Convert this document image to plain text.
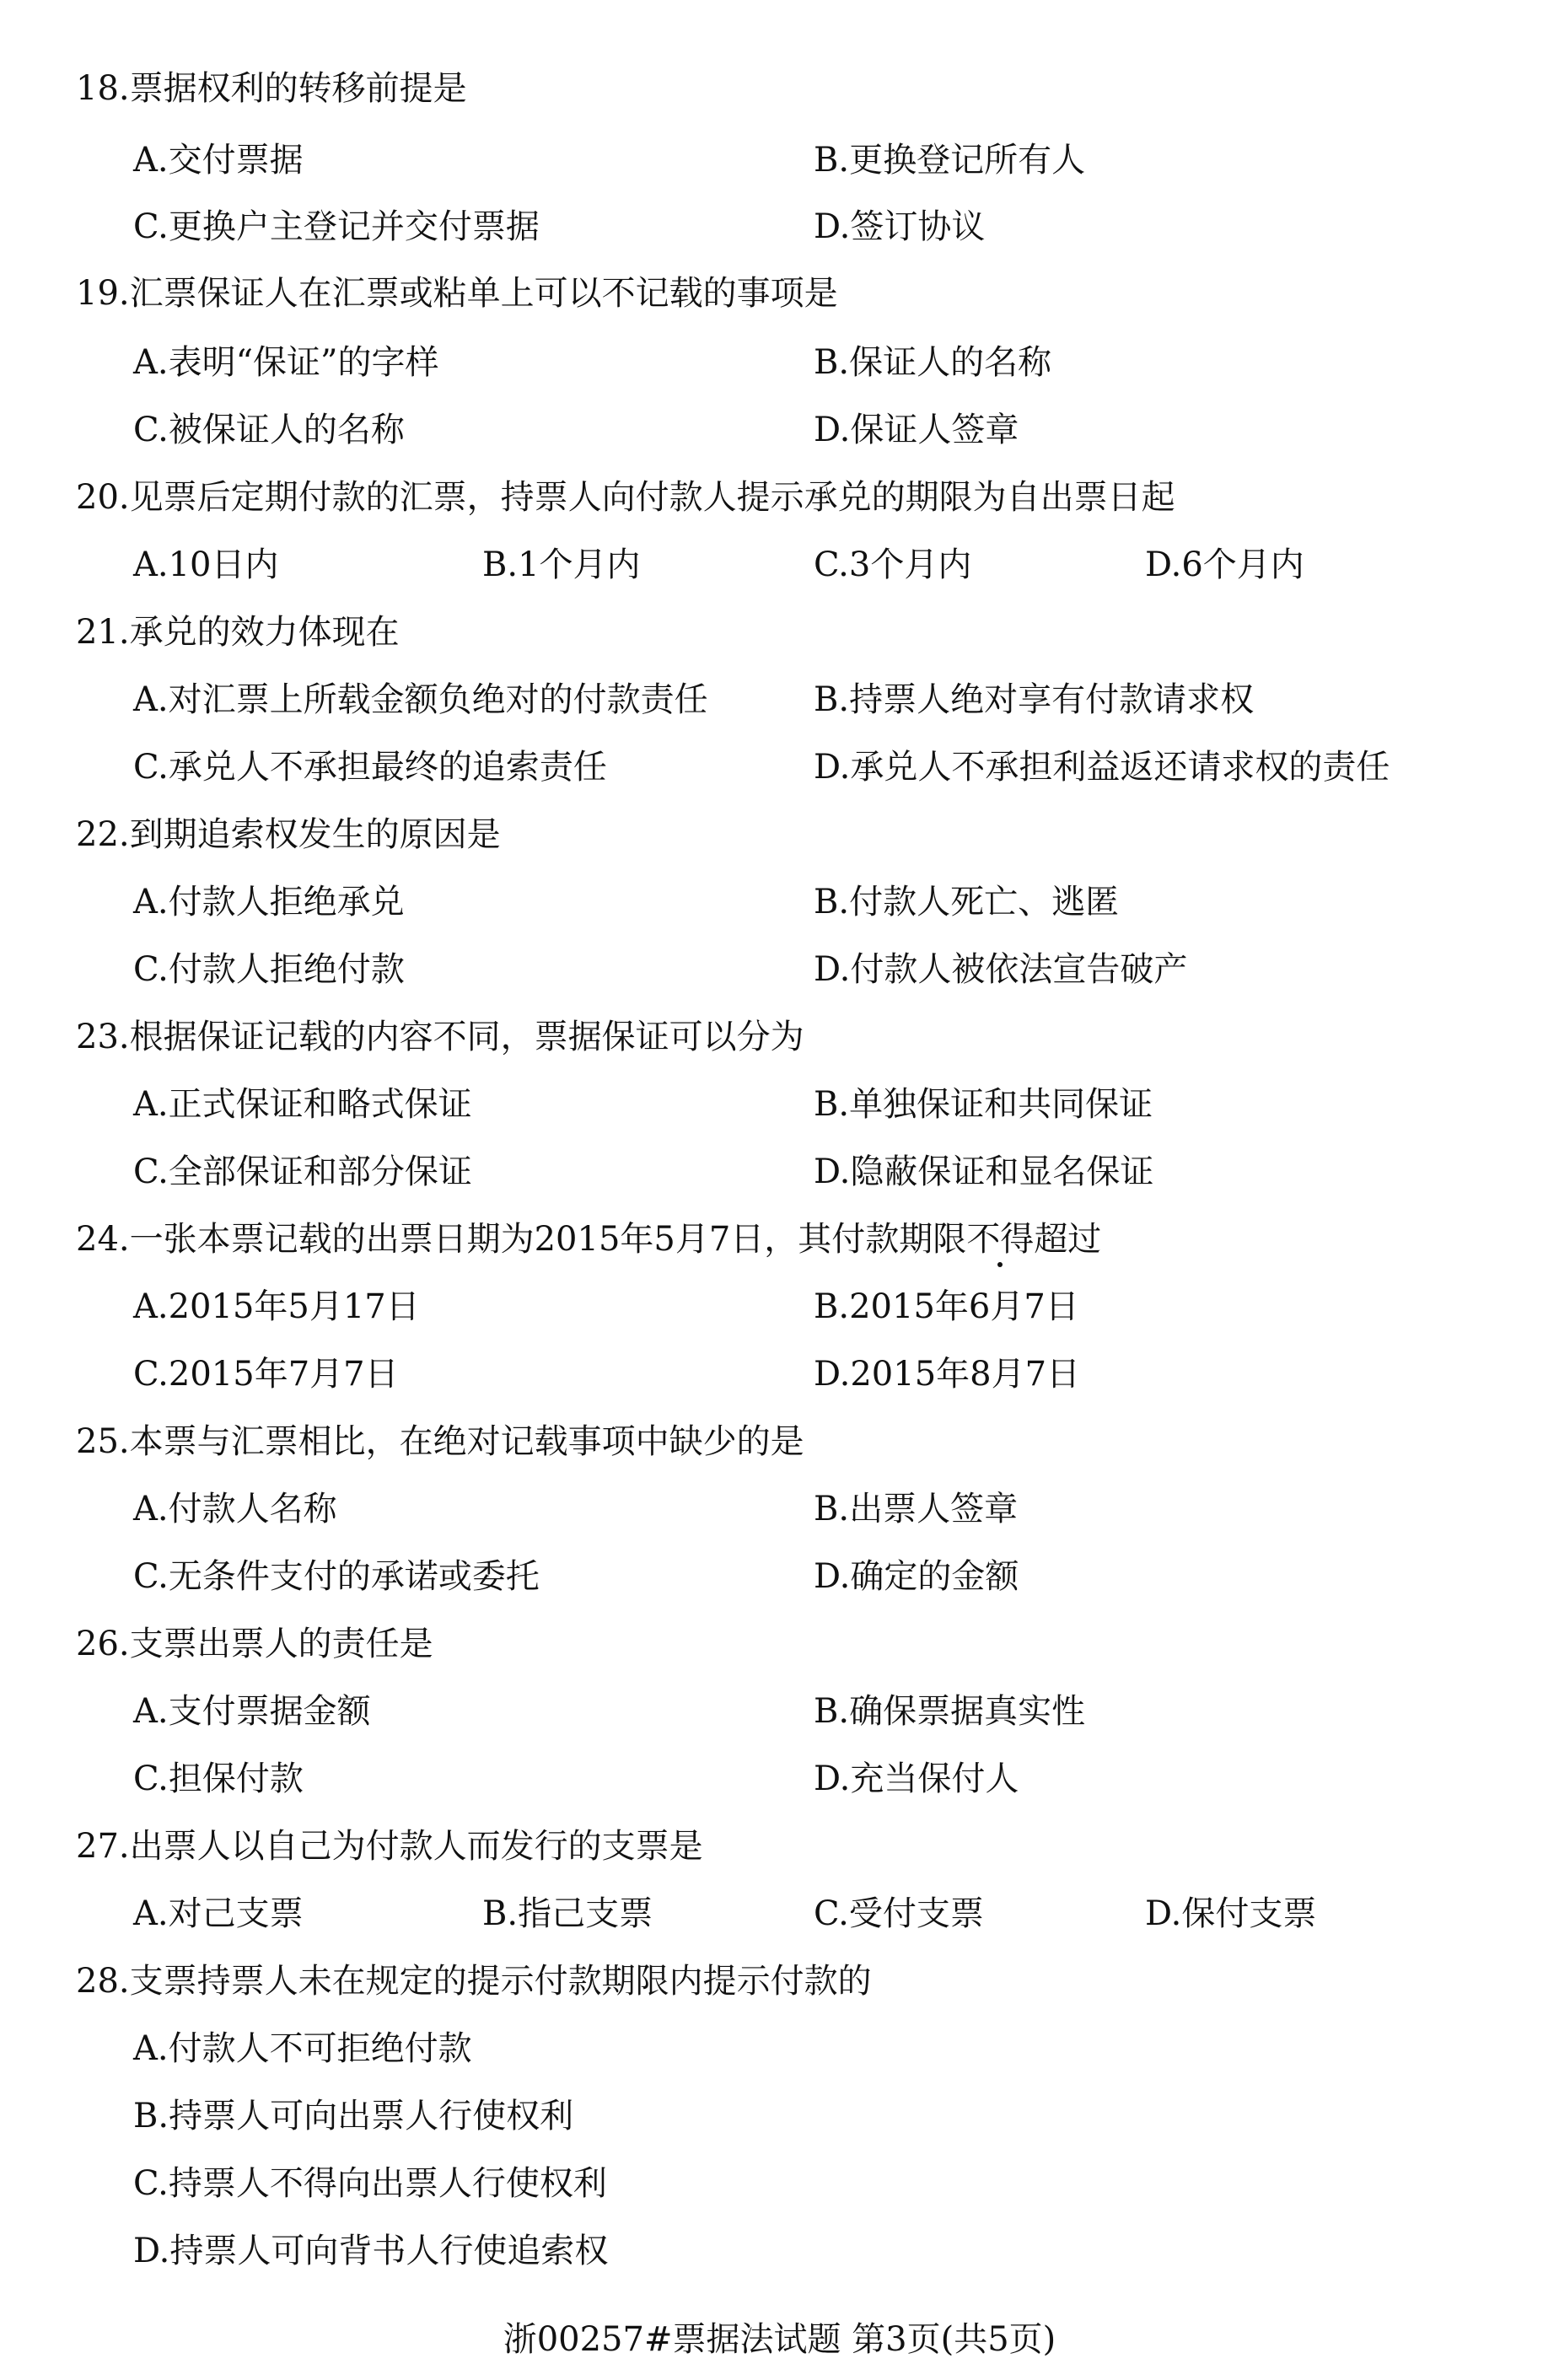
18.票据权利的转移前提是
A.交付票据	B.更换登记所有人
C.更换户主登记并交付票据	D.签订协议
19.汇票保证人在汇票或粘单上可以不记载的事项是
A.表明“保证”的字样	B.保证人的名称
C.被保证人的名称	D.保证人签章
20.见票后定期付款的汇票，持票人向付款人提示承兑的期限为自出票日起
A.10日内	B.1个月内	C.3个月内	D.6个月内
21.承兑的效力体现在
A.对汇票上所载金额负绝对的付款责任	B.持票人绝对享有付款请求权
C.承兑人不承担最终的追索责任	D.承兑人不承担利益返还请求权的责任
22.到期追索权发生的原因是
A.付款人拒绝承兑	B.付款人死亡、逃匿
C.付款人拒绝付款	D.付款人被依法宣告破产
23.根据保证记载的内容不同，票据保证可以分为
A.正式保证和略式保证	B.单独保证和共同保证
C.全部保证和部分保证	D.隐蔽保证和显名保证
24.一张本票记载的出票日期为2015年5月7日，其付款期限不得超过
A.2015年5月17日	B.2015年6月7日
C.2015年7月7日	D.2015年8月7日
25.本票与汇票相比，在绝对记载事项中缺少的是
A.付款人名称	B.出票人签章
C.无条件支付的承诺或委托	D.确定的金额
26.支票出票人的责任是
A.支付票据金额	B.确保票据真实性
C.担保付款	D.充当保付人
27.出票人以自己为付款人而发行的支票是
A.对己支票	B.指己支票	C.受付支票	D.保付支票
28.支票持票人未在规定的提示付款期限内提示付款的
A.付款人不可拒绝付款
B.持票人可向出票人行使权利
C.持票人不得向出票人行使权利
D.持票人可向背书人行使追索权
浙00257#票据法试题 第3页(共5页)
